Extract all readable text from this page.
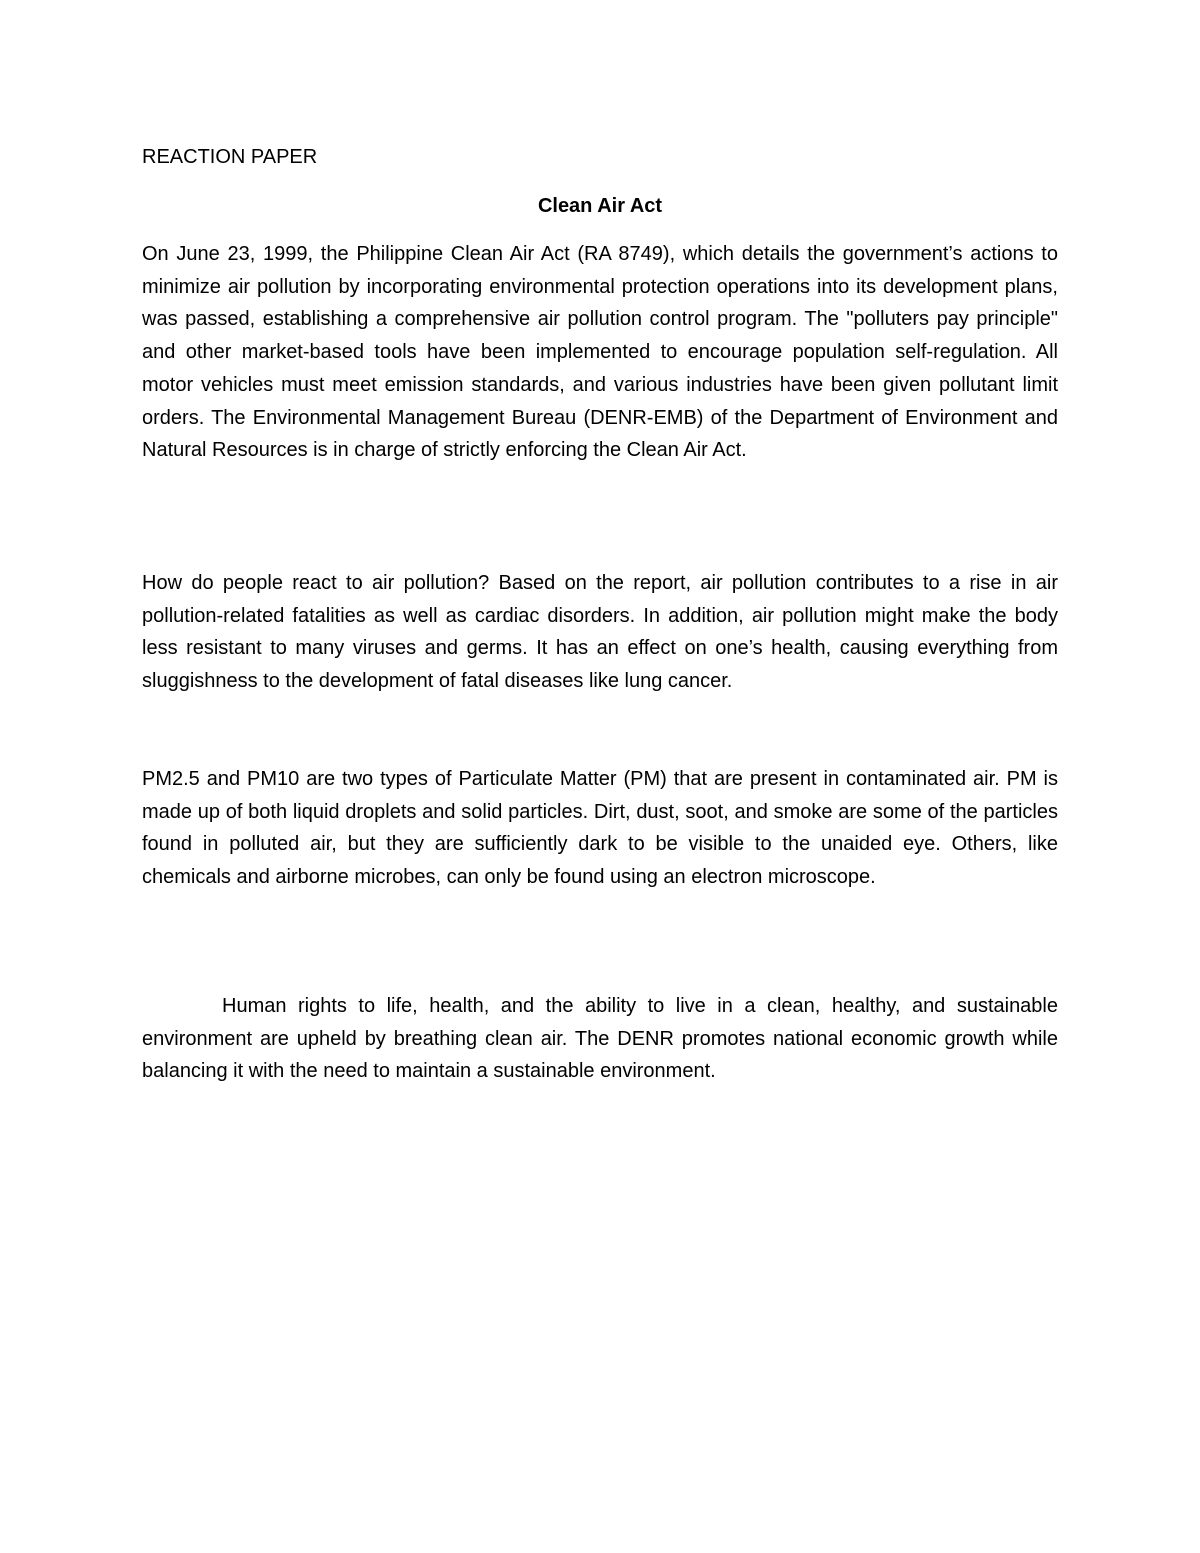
REACTION PAPER
Clean Air Act

On June 23, 1999, the Philippine Clean Air Act (RA 8749), which details the government’s actions to minimize air pollution by incorporating environmental protection operations into its development plans, was passed, establishing a comprehensive air pollution control program. The "polluters pay principle" and other market-based tools have been implemented to encourage population self-regulation. All motor vehicles must meet emission standards, and various industries have been given pollutant limit orders. The Environmental Management Bureau (DENR-EMB) of the Department of Environment and Natural Resources is in charge of strictly enforcing the Clean Air Act.

How do people react to air pollution? Based on the report, air pollution contributes to a rise in air pollution-related fatalities as well as cardiac disorders. In addition, air pollution might make the body less resistant to many viruses and germs. It has an effect on one’s health, causing everything from sluggishness to the development of fatal diseases like lung cancer.

PM2.5 and PM10 are two types of Particulate Matter (PM) that are present in contaminated air. PM is made up of both liquid droplets and solid particles. Dirt, dust, soot, and smoke are some of the particles found in polluted air, but they are sufficiently dark to be visible to the unaided eye. Others, like chemicals and airborne microbes, can only be found using an electron microscope.

Human rights to life, health, and the ability to live in a clean, healthy, and sustainable environment are upheld by breathing clean air. The DENR promotes national economic growth while balancing it with the need to maintain a sustainable environment.
